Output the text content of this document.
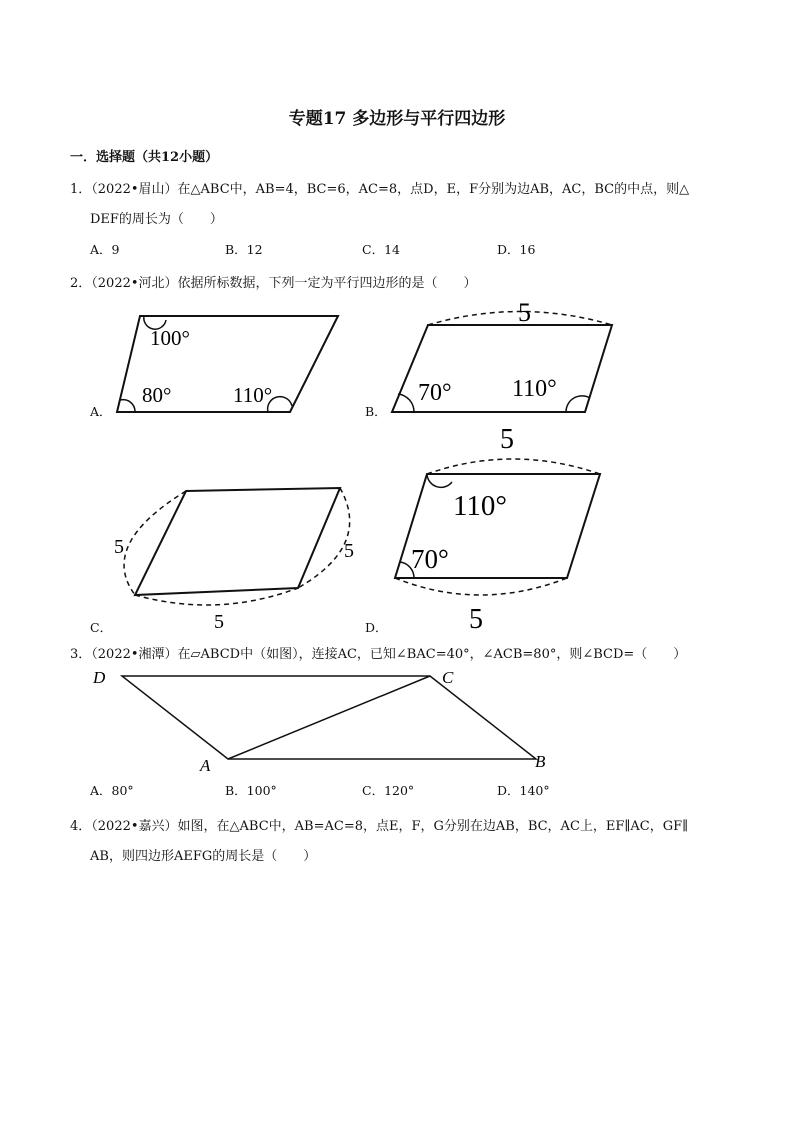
专题17 多边形与平行四边形
一．选择题（共12小题）
1．（2022•眉山）在△ABC中，AB=4，BC=6，AC=8，点D，E，F分别为边AB，AC，BC的中点，则△
DEF的周长为（　　）
A．9	B．12	C．14	D．16
2．（2022•河北）依据所标数据，下列一定为平行四边形的是（　　）
A．	B．
C．	D．
100°
80°	110°
5
70°	110°
5	5
5
5
110°
70°
5
D	C
A	B
3．（2022•湘潭）在▱ABCD中（如图），连接AC，已知∠BAC=40°，∠ACB=80°，则∠BCD=（　　）
A．80°	B．100°	C．120°	D．140°
4．（2022•嘉兴）如图，在△ABC中，AB=AC=8，点E，F，G分别在边AB，BC，AC上，EF∥AC，GF∥
AB，则四边形AEFG的周长是（　　）
